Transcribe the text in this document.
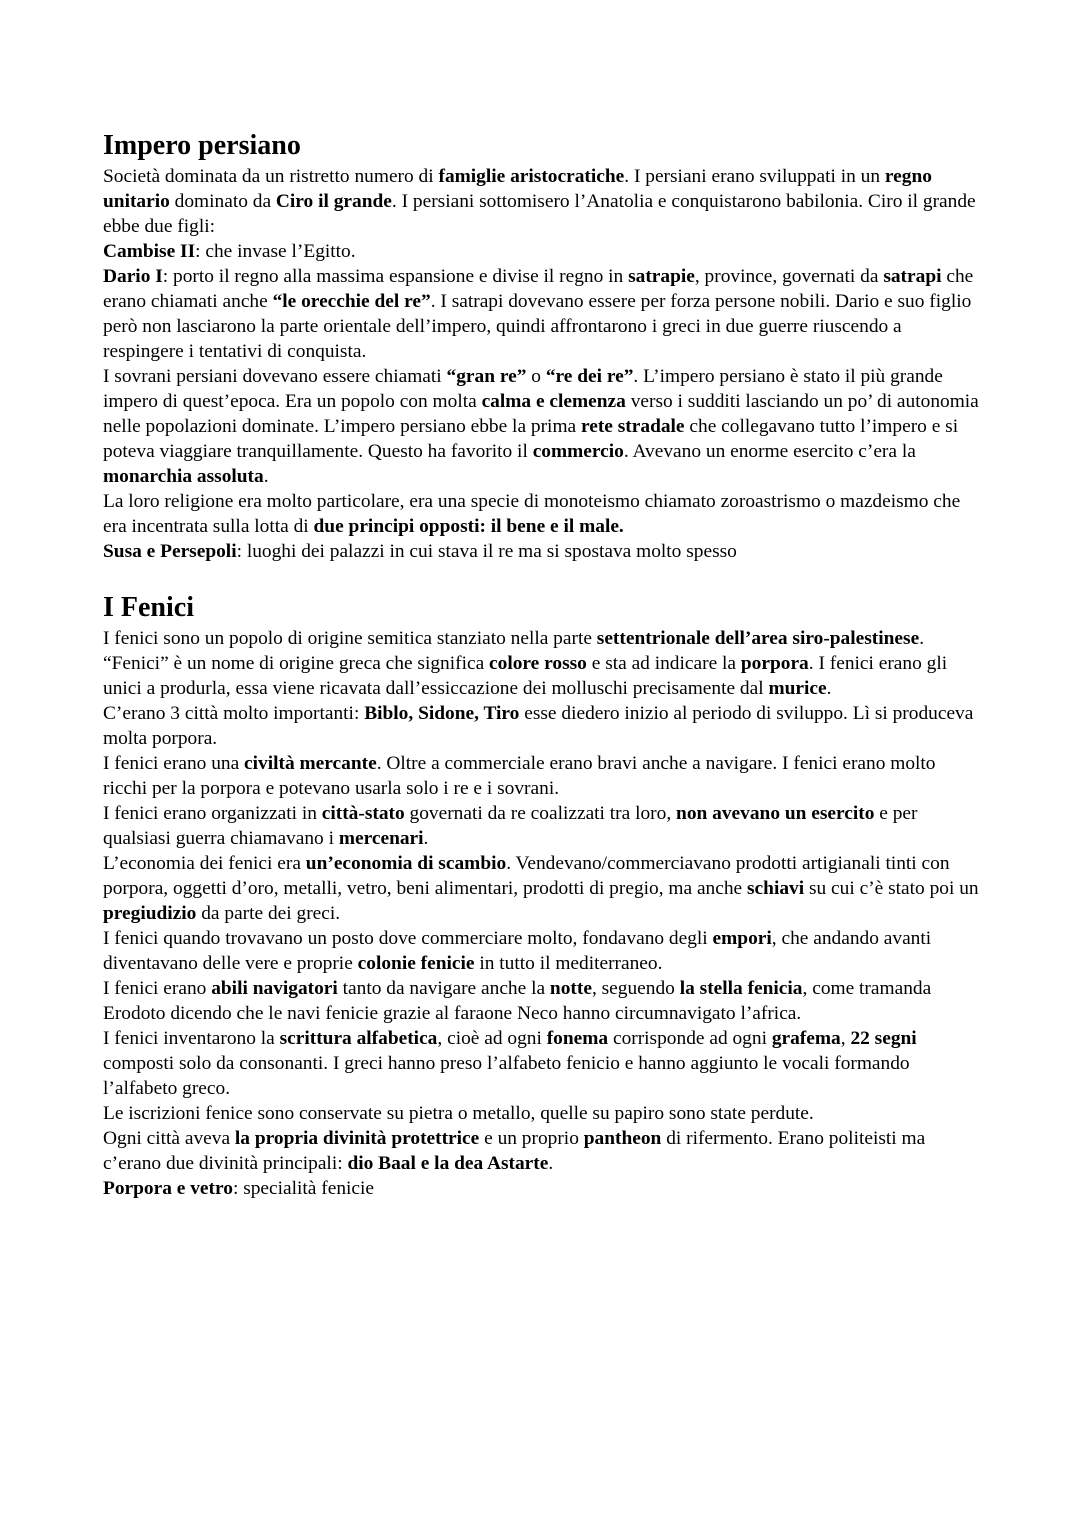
Impero persiano

Società dominata da un ristretto numero di famiglie aristocratiche. I persiani erano sviluppati in un regno unitario dominato da Ciro il grande. I persiani sottomisero l’Anatolia e conquistarono babilonia. Ciro il grande ebbe due figli:

Cambise II: che invase l’Egitto.

Dario I: porto il regno alla massima espansione e divise il regno in satrapie, province, governati da satrapi che erano chiamati anche “le orecchie del re”. I satrapi dovevano essere per forza persone nobili. Dario e suo figlio però non lasciarono la parte orientale dell’impero, quindi affrontarono i greci in due guerre riuscendo a respingere i tentativi di conquista.

I sovrani persiani dovevano essere chiamati “gran re” o “re dei re”. L’impero persiano è stato il più grande impero di quest’epoca. Era un popolo con molta calma e clemenza verso i sudditi lasciando un po’ di autonomia nelle popolazioni dominate. L’impero persiano ebbe la prima rete stradale che collegavano tutto l’impero e si poteva viaggiare tranquillamente. Questo ha favorito il commercio. Avevano un enorme esercito c’era la monarchia assoluta.

La loro religione era molto particolare, era una specie di monoteismo chiamato zoroastrismo o mazdeismo che era incentrata sulla lotta di due principi opposti: il bene e il male.

Susa e Persepoli: luoghi dei palazzi in cui stava il re ma si spostava molto spesso

I Fenici

I fenici sono un popolo di origine semitica stanziato nella parte settentrionale dell’area siro-palestinese. “Fenici” è un nome di origine greca che significa colore rosso e sta ad indicare la porpora. I fenici erano gli unici a produrla, essa viene ricavata dall’essiccazione dei molluschi precisamente dal murice.

C’erano 3 città molto importanti: Biblo, Sidone, Tiro esse diedero inizio al periodo di sviluppo. Lì si produceva molta porpora.

I fenici erano una civiltà mercante. Oltre a commerciale erano bravi anche a navigare. I fenici erano molto ricchi per la porpora e potevano usarla solo i re e i sovrani.

I fenici erano organizzati in città-stato governati da re coalizzati tra loro, non avevano un esercito e per qualsiasi guerra chiamavano i mercenari.

L’economia dei fenici era un’economia di scambio. Vendevano/commerciavano prodotti artigianali tinti con porpora, oggetti d’oro, metalli, vetro, beni alimentari, prodotti di pregio, ma anche schiavi su cui c’è stato poi un pregiudizio da parte dei greci.

I fenici quando trovavano un posto dove commerciare molto, fondavano degli empori, che andando avanti diventavano delle vere e proprie colonie fenicie in tutto il mediterraneo.

I fenici erano abili navigatori tanto da navigare anche la notte, seguendo la stella fenicia, come tramanda Erodoto dicendo che le navi fenicie grazie al faraone Neco hanno circumnavigato l’africa.

I fenici inventarono la scrittura alfabetica, cioè ad ogni fonema corrisponde ad ogni grafema, 22 segni composti solo da consonanti. I greci hanno preso l’alfabeto fenicio e hanno aggiunto le vocali formando l’alfabeto greco.

Le iscrizioni fenice sono conservate su pietra o metallo, quelle su papiro sono state perdute.

Ogni città aveva la propria divinità protettrice e un proprio pantheon di rifermento. Erano politeisti ma c’erano due divinità principali: dio Baal e la dea Astarte.

Porpora e vetro: specialità fenicie
